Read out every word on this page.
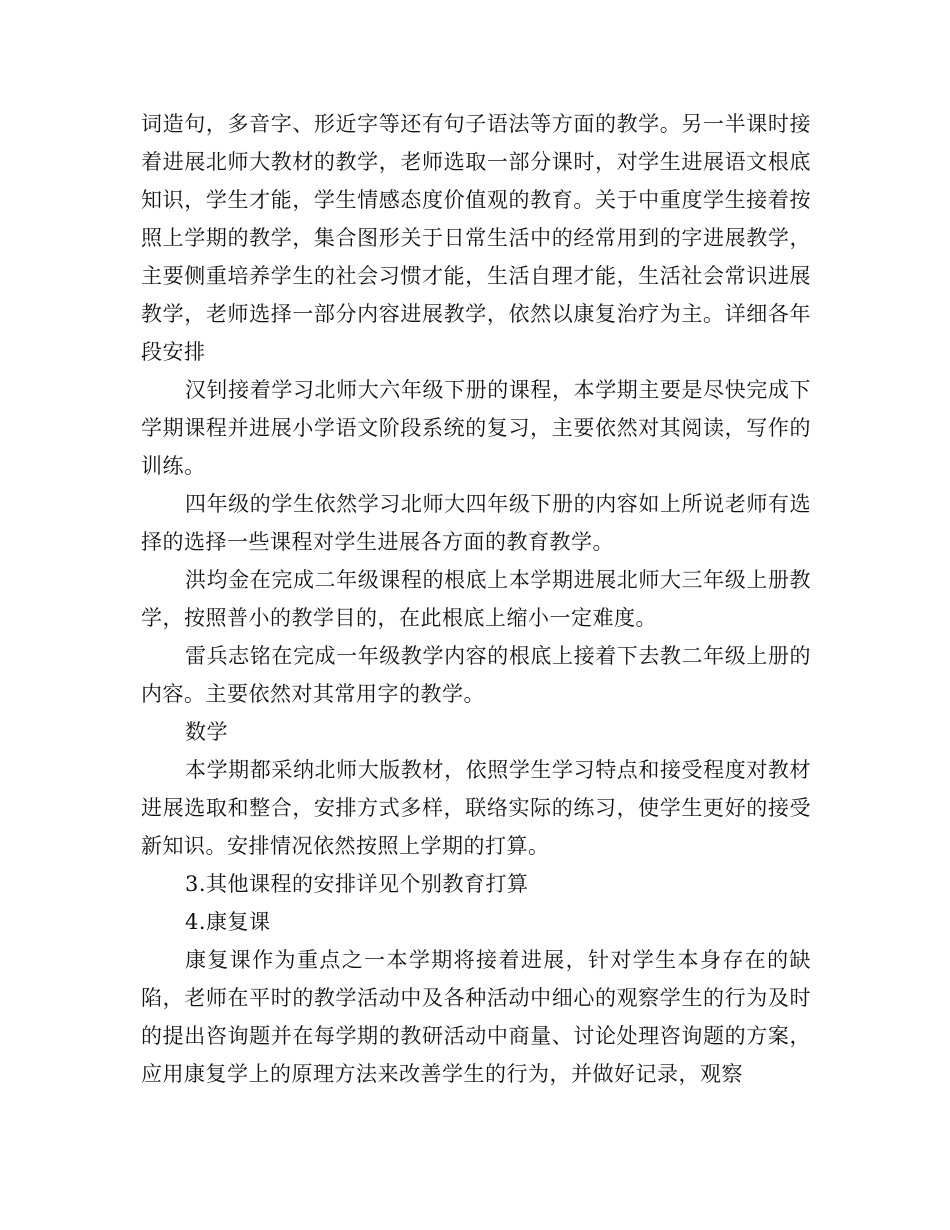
词造句，多音字、形近字等还有句子语法等方面的教学。另一半课时接着进展北师大教材的教学，老师选取一部分课时，对学生进展语文根底知识，学生才能，学生情感态度价值观的教育。关于中重度学生接着按照上学期的教学，集合图形关于日常生活中的经常用到的字进展教学，主要侧重培养学生的社会习惯才能，生活自理才能，生活社会常识进展教学，老师选择一部分内容进展教学，依然以康复治疗为主。详细各年段安排

汉钊接着学习北师大六年级下册的课程，本学期主要是尽快完成下学期课程并进展小学语文阶段系统的复习，主要依然对其阅读，写作的训练。

四年级的学生依然学习北师大四年级下册的内容如上所说老师有选择的选择一些课程对学生进展各方面的教育教学。

洪均金在完成二年级课程的根底上本学期进展北师大三年级上册教学，按照普小的教学目的，在此根底上缩小一定难度。

雷兵志铭在完成一年级教学内容的根底上接着下去教二年级上册的内容。主要依然对其常用字的教学。

数学

本学期都采纳北师大版教材，依照学生学习特点和接受程度对教材进展选取和整合，安排方式多样，联络实际的练习，使学生更好的接受新知识。安排情况依然按照上学期的打算。

3.其他课程的安排详见个别教育打算

4.康复课

康复课作为重点之一本学期将接着进展，针对学生本身存在的缺陷，老师在平时的教学活动中及各种活动中细心的观察学生的行为及时的提出咨询题并在每学期的教研活动中商量、讨论处理咨询题的方案，应用康复学上的原理方法来改善学生的行为，并做好记录，观察
